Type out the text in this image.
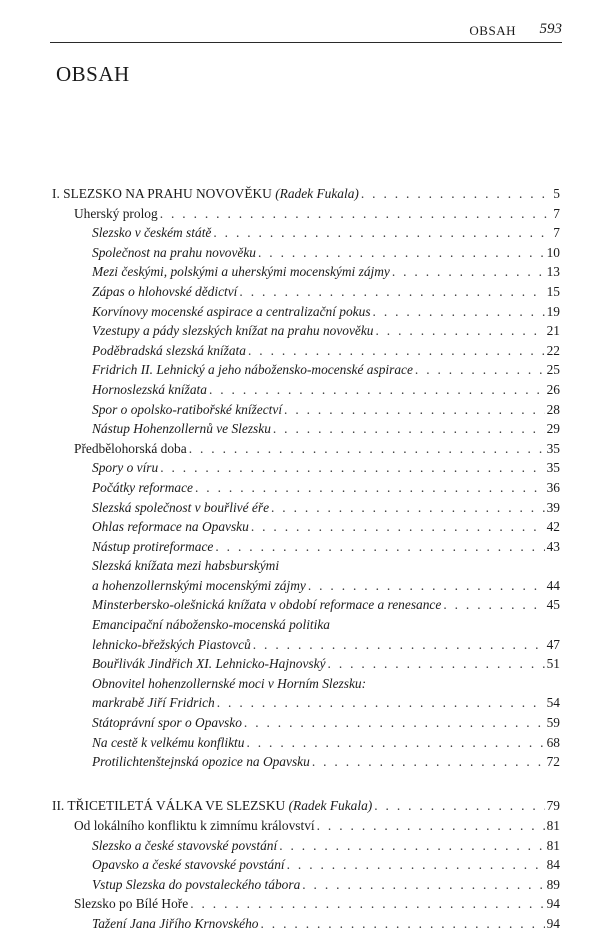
OBSAH 593
OBSAH
I. SLEZSKO NA PRAHU NOVOVĚKU (Radek Fukala) . . .	5
Uherský prolog . . .	7
Slezsko v českém státě . . .	7
Společnost na prahu novověku . . .	10
Mezi českými, polskými a uherskými mocenskými zájmy . . .	13
Zápas o hlohovské dědictví . . .	15
Korvínovy mocenské aspirace a centralizační pokus . . .	19
Vzestupy a pády slezských knížat na prahu novověku . . .	21
Poděbradská slezská knížata . . .	22
Fridrich II. Lehnický a jeho nábožensko-mocenské aspirace . . .	25
Hornoslezská knížata . . .	26
Spor o opolsko-ratibořské knížectví . . .	28
Nástup Hohenzollernů ve Slezsku . . .	29
Předbělohorská doba . . .	35
Spory o víru . . .	35
Počátky reformace . . .	36
Slezská společnost v bouřlivé éře . . .	39
Ohlas reformace na Opavsku . . .	42
Nástup protireformace . . .	43
Slezská knížata mezi habsburskými
a hohenzollernskými mocenskými zájmy . . .	44
Minsterbersko-olešnická knížata v období reformace a renesance . . .	45
Emancipační nábožensko-mocenská politika
lehnicko-břežských Piastovců . . .	47
Bouřlivák Jindřich XI. Lehnicko-Hajnovský . . .	51
Obnovitel hohenzollernské moci v Horním Slezsku:
markrabě Jiří Fridrich . . .	54
Státoprávní spor o Opavsko . . .	59
Na cestě k velkému konfliktu . . .	68
Protilichtenštejnská opozice na Opavsku . . .	72
II. TŘICETILETÁ VÁLKA VE SLEZSKU (Radek Fukala) . . .	79
Od lokálního konfliktu k zimnímu království . . .	81
Slezsko a české stavovské povstání . . .	81
Opavsko a české stavovské povstání . . .	84
Vstup Slezska do povstaleckého tábora . . .	89
Slezsko po Bílé Hoře . . .	94
Tažení Jana Jiřího Krnovského . . .	94
